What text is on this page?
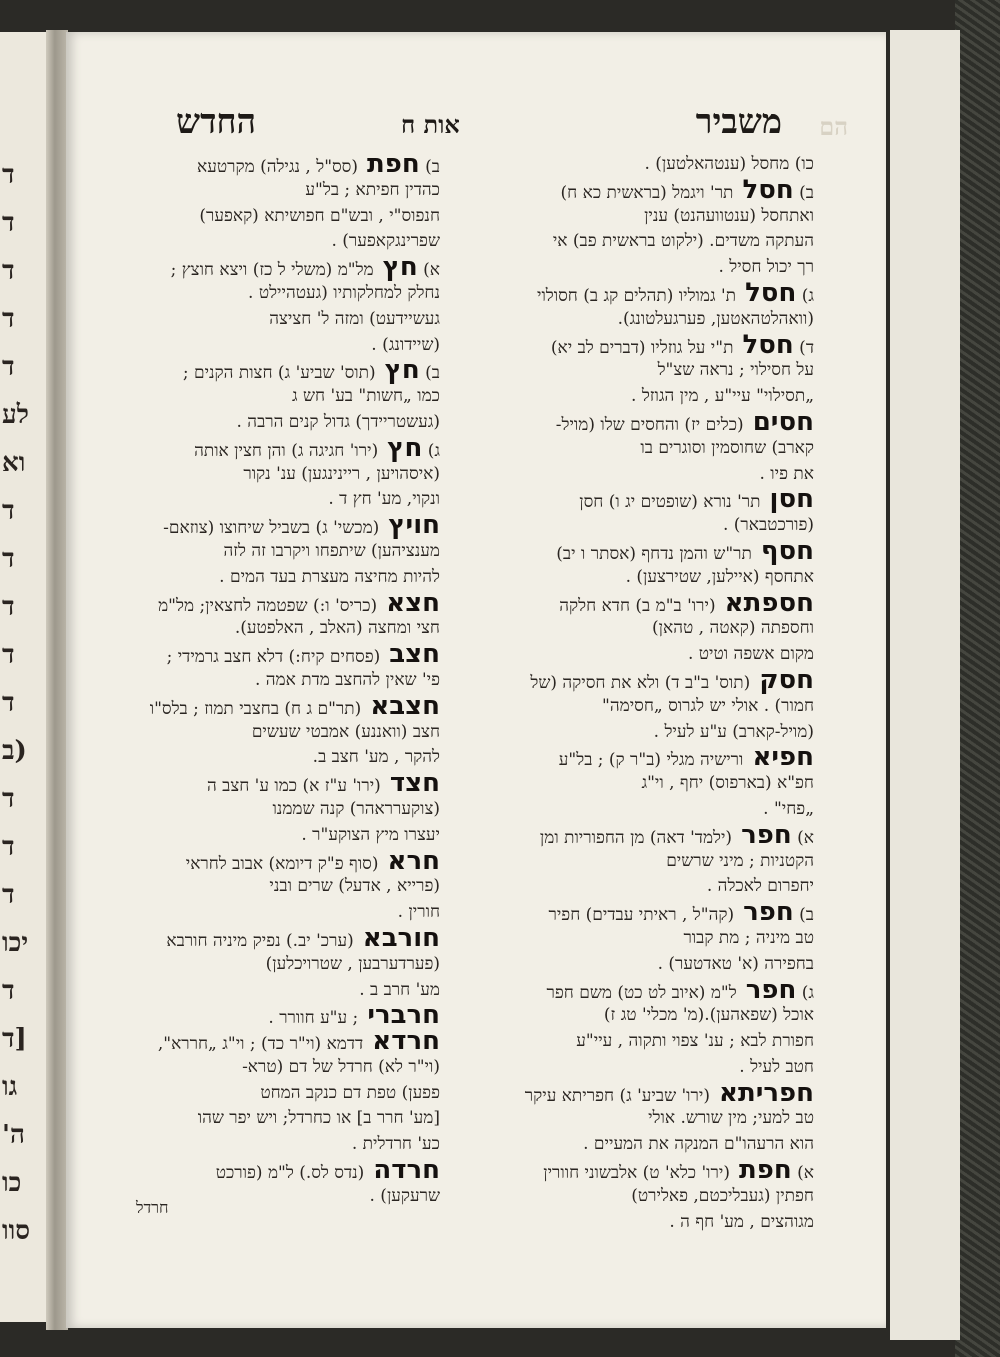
ד
ד
ד
ד
ד
לע
וא
ד
ד
ד
ד
ד
(ב
ד
ד
ד
יכו
ד
[ד
גו
ה'
כו
סוו
הם
משביר
אות ח
החדש
כו) מחסל (ענטהאלטען) .
ב) חסל תר' ויגמל (בראשית כא ח)
ואתחסל (ענטוועהנט) ענין
העתקה משדים. (ילקוט בראשית פב) אי
רך יכול חסיל .
ג) חסל ת' גמוליו (תהלים קג ב) חסולוי
(וואהלטהאטען, פערגעלטונג).
ד) חסל ת"י על גוזליו (דברים לב יא)
על חסילוי ; נראה שצ"ל
„תסילוי" עיי"ע , מין הגוזל .
חסים (כלים יז) והחסים שלו (מויל-
קארב) שחוסמין וסוגרים בו
את פיו .
חסן תר' נורא (שופטים יג ו) חסן
(פורכטבאר) .
חסף תר"ש והמן נדחף (אסתר ו יב)
אתחסף (איילען, שטירצען) .
חספתא (ירו' ב"מ ב) חדא חלקה
וחספתה (קאטה , טהאן)
מקום אשפה וטיט .
חסק (תוס' ב"ב ד) ולא את חסיקה (של
חמור) . אולי יש לגרוס „חסימה"
(מויל-קארב) ע"ע לעיל .
חפיא ורישיה מגלי (ב"ר ק) ; בל"ע
חפ"א (בארפוס) יחף , וי"ג
„פחי" .
א) חפר (ילמד' דאה) מן החפוריות ומן
הקטניות ; מיני שרשים
יחפרום לאכלה .
ב) חפר (קה"ל , ראיתי עבדים) חפיר
טב מיניה ; מת קבור
בחפירה (א' טאדטער) .
ג) חפר ל"מ (איוב לט כט) משם חפר
אוכל (שפאהען).(מ' מכלי' טג ז)
חפורת לבא ; ענ' צפוי ותקוה , עיי"ע
חטב לעיל .
חפריתא (ירו' שביע' ג) חפריתא עיקר
טב למעי; מין שורש. אולי
הוא הרעהו"ם המנקה את המעיים .
א) חפת (ירו' כלא' ט) אלבשוני חוורין
חפתין (געבליכטם, פאלירט)
מגוהצים , מע' חף ה .
ב) חפת (סס"ל , נגילה) מקרטעא
כהדין חפיתא ; בל"ע
חנפוס"י , ובש"ם חפושיתא (קאפער)
שפרינגקאפער) .
א) חץ מל"מ (משלי ל כז) ויצא חוצץ ;
נחלק למחלקותיו (געטהיילט .
געשיידעט) ומזה ל' חציצה
(שיידונג) .
ב) חץ (תוס' שביע' ג) חצות הקנים ;
כמו „חשות" בע' חש ג
(געשטריידך) גדול קנים הרבה .
ג) חץ (ירו' חגיגה ג) והן חצין אותה
(איסהויען , ריינינגען) ענ' נקור
ונקוי, מע' חץ ד .
חויץ (מכשי' ג) בשביל שיחוצו (צוזאם-
מענציהען) שיתפחו ויקרבו זה לזה
להיות מחיצה מעצרת בעד המים .
חצא (כריס' ו:) שפטמה לחצאין; מל"מ
חצי ומחצה (האלב , האלפטע).
חצב (פסחים קיח:) דלא חצב גרמידי ;
פי' שאין להחצב מדת אמה .
חצבא (תר"ם ג ח) בחצבי תמוז ; בלס"ו
חצב (וואננע) אמבטי שעשים
להקר , מע' חצב ב.
חצד (ירו' ע"ז א) כמו ע' חצב ה
(צוקערראהר) קנה שממנו
יעצרו מיץ הצוקע"ר .
חרא (סוף פ"ק דיומא) אבוב לחראי
(פרייא , אדעל) שרים ובני
חורין .
חורבא (ערכ' יב.) נפיק מיניה חורבא
(פערדערבען , שטרויכלען)
מע' חרב ב .
חרברי ; ע"ע חוורר .
חרדא דדמא (וי"ר כד) ; וי"ג „חררא",
(וי"ר לא) חרדל של דם (טרא-
פפען) טפת דם כנקב המחט
[מע' חרר ב] או כחרדל; ויש יפר שהו
כע' חרדלית .
חרדה (נדס לס.) ל"מ (פורכט
שרעקען) .
חרדל
